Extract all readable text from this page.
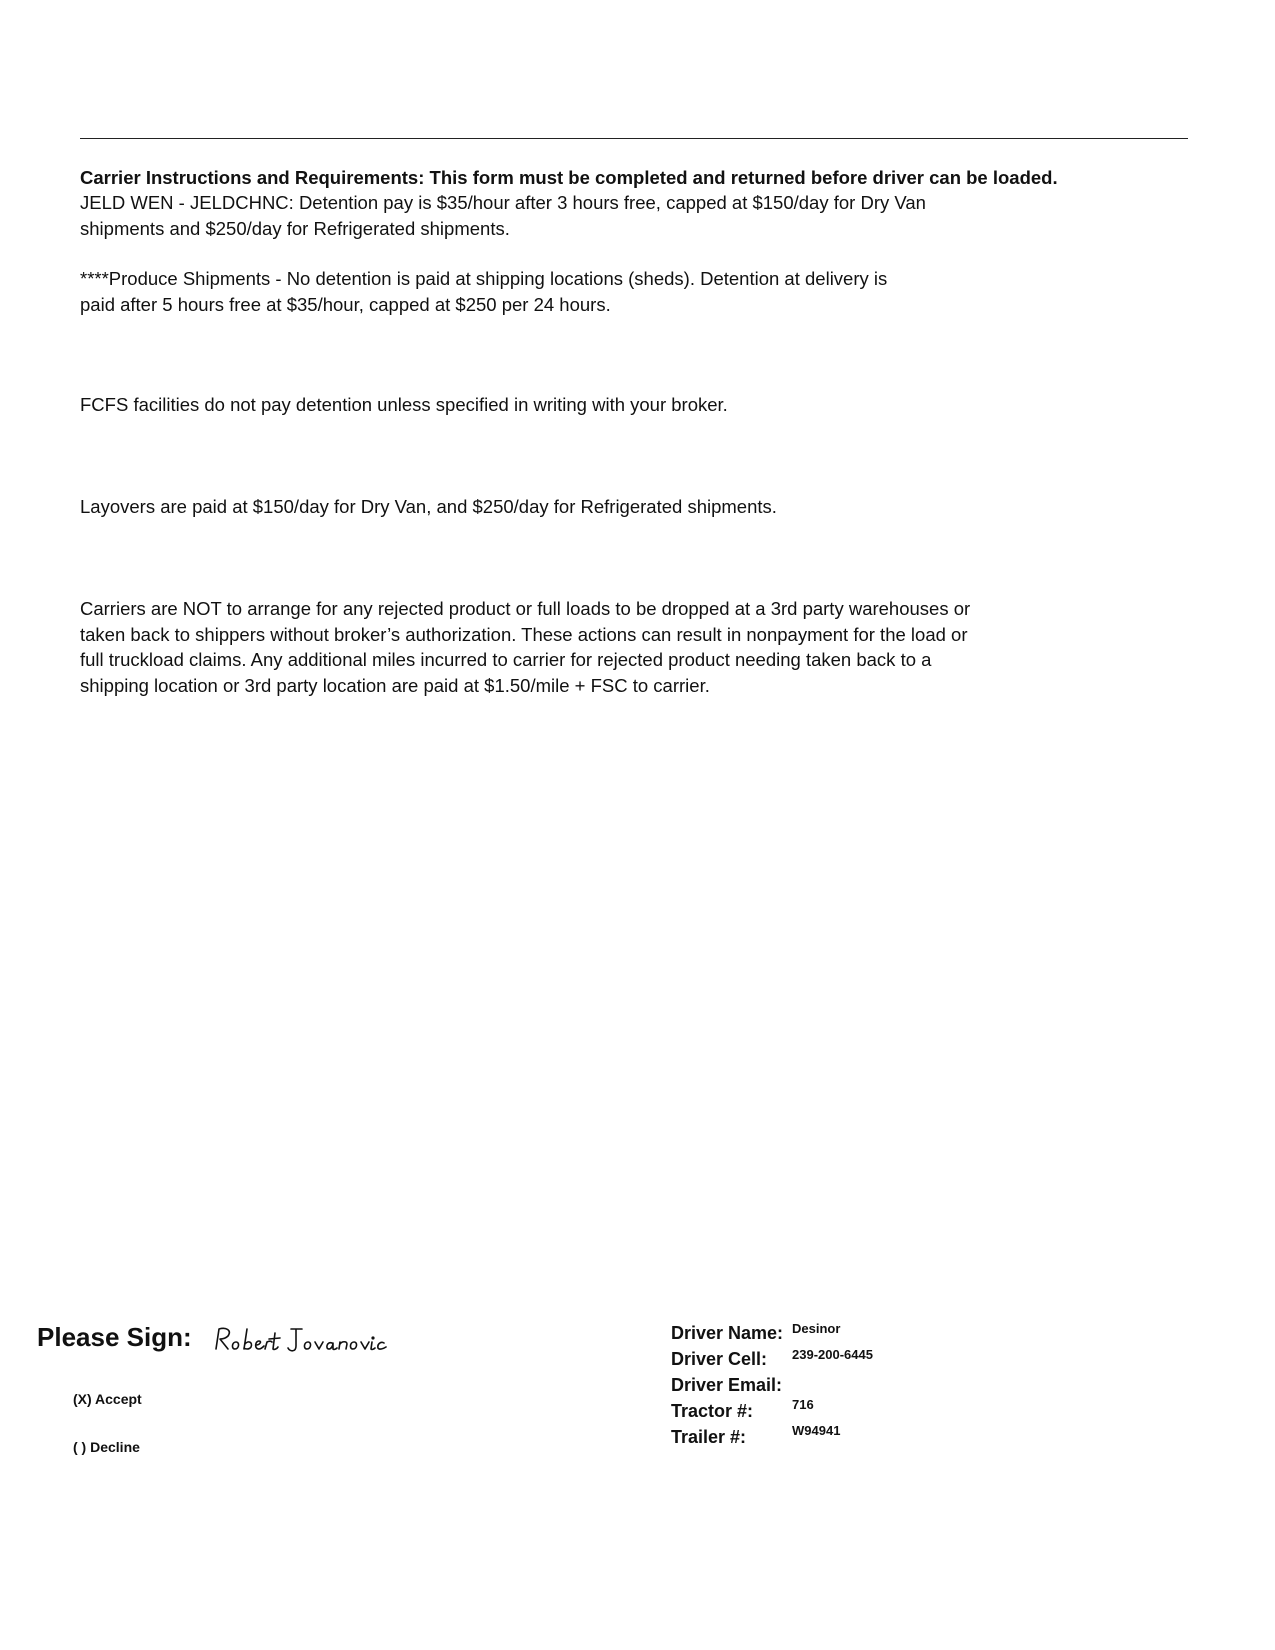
Carrier Instructions and Requirements: This form must be completed and returned before driver can be loaded.
JELD WEN - JELDCHNC: Detention pay is $35/hour after 3 hours free, capped at $150/day for Dry Van
shipments and $250/day for Refrigerated shipments.
****Produce Shipments - No detention is paid at shipping locations (sheds). Detention at delivery is
paid after 5 hours free at $35/hour, capped at $250 per 24 hours.
FCFS facilities do not pay detention unless specified in writing with your broker.
Layovers are paid at $150/day for Dry Van, and $250/day for Refrigerated shipments.
Carriers are NOT to arrange for any rejected product or full loads to be dropped at a 3rd party warehouses or
taken back to shippers without broker’s authorization. These actions can result in nonpayment for the load or
full truckload claims. Any additional miles incurred to carrier for rejected product needing taken back to a
shipping location or 3rd party location are paid at $1.50/mile + FSC to carrier.
Please Sign:
(X) Accept
( ) Decline
Driver Name: Desinor
Driver Cell: 239-200-6445
Driver Email:
Tractor #:	716
Trailer #:	W94941
